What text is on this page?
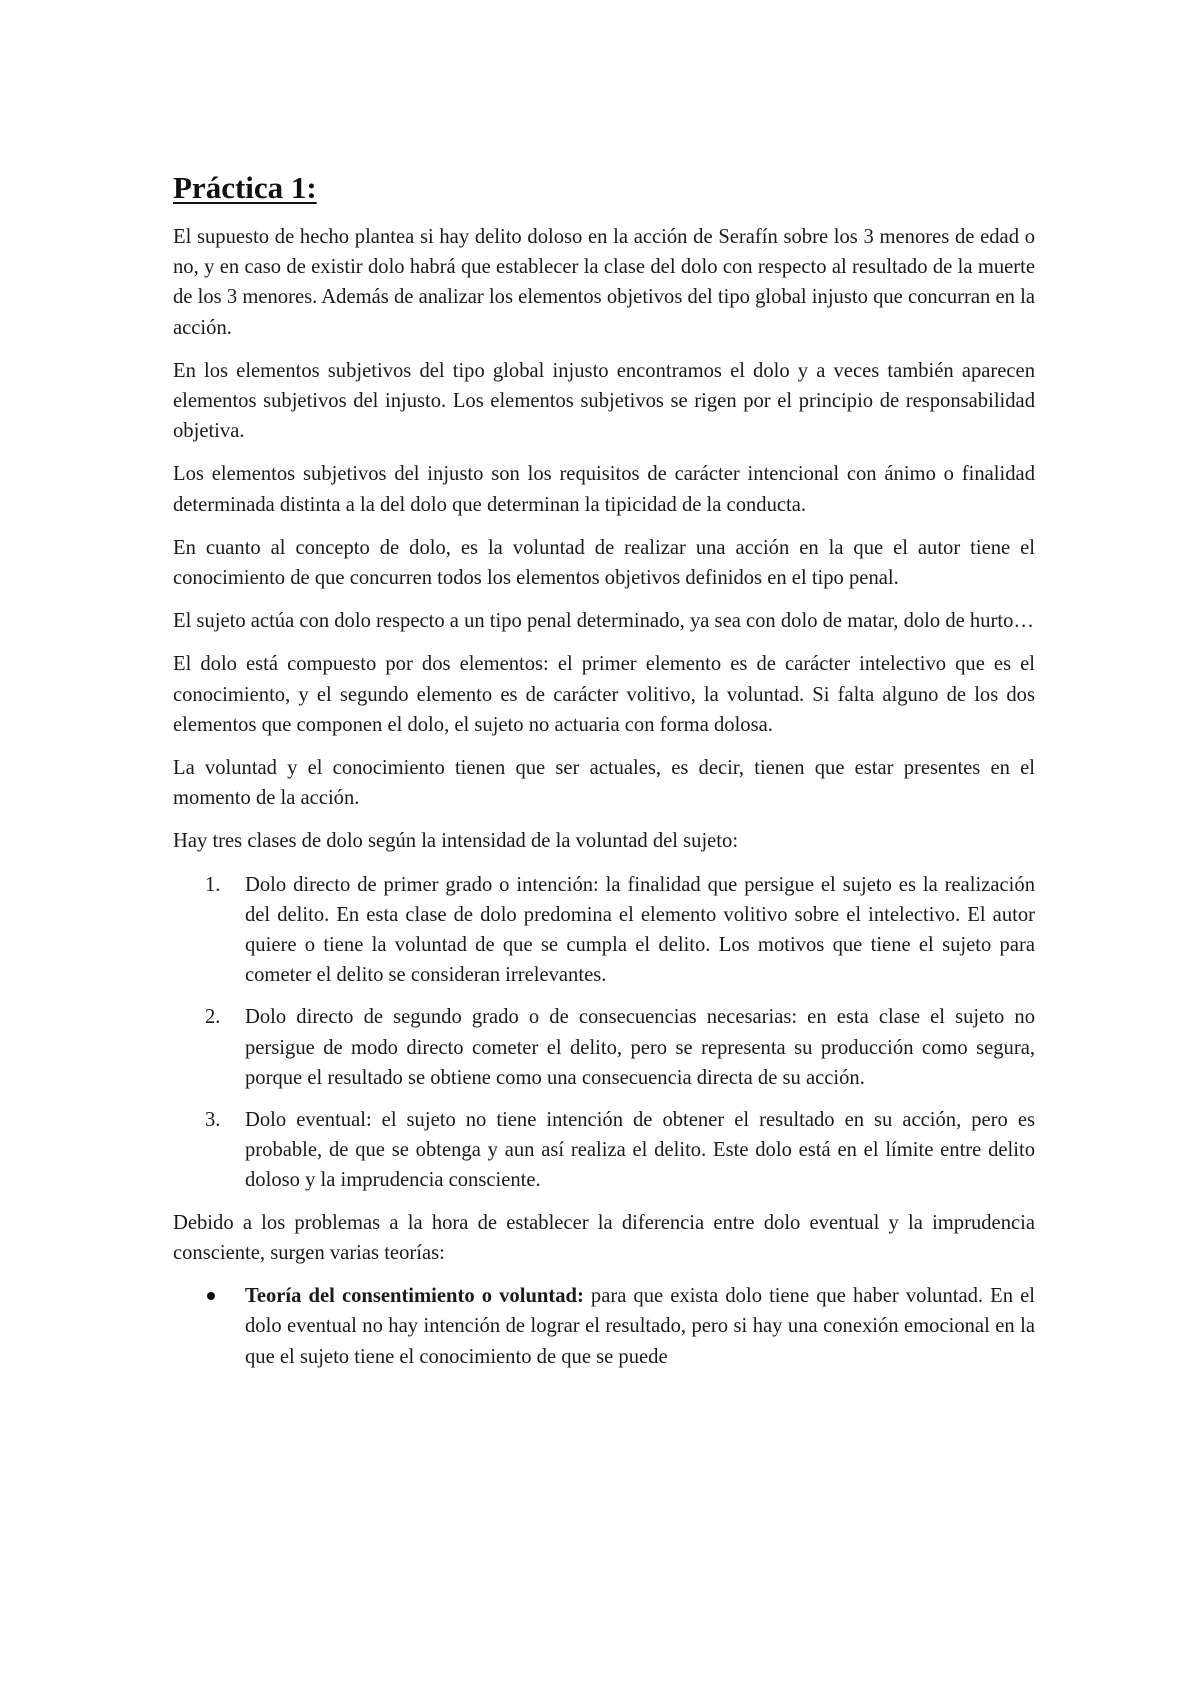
Práctica 1:

El supuesto de hecho plantea si hay delito doloso en la acción de Serafín sobre los 3 menores de edad o no, y en caso de existir dolo habrá que establecer la clase del dolo con respecto al resultado de la muerte de los 3 menores. Además de analizar los elementos objetivos del tipo global injusto que concurran en la acción.

En los elementos subjetivos del tipo global injusto encontramos el dolo y a veces también aparecen elementos subjetivos del injusto. Los elementos subjetivos se rigen por el principio de responsabilidad objetiva.

Los elementos subjetivos del injusto son los requisitos de carácter intencional con ánimo o finalidad determinada distinta a la del dolo que determinan la tipicidad de la conducta.

En cuanto al concepto de dolo, es la voluntad de realizar una acción en la que el autor tiene el conocimiento de que concurren todos los elementos objetivos definidos en el tipo penal.

El sujeto actúa con dolo respecto a un tipo penal determinado, ya sea con dolo de matar, dolo de hurto…

El dolo está compuesto por dos elementos: el primer elemento es de carácter intelectivo que es el conocimiento, y el segundo elemento es de carácter volitivo, la voluntad. Si falta alguno de los dos elementos que componen el dolo, el sujeto no actuaria con forma dolosa.

La voluntad y el conocimiento tienen que ser actuales, es decir, tienen que estar presentes en el momento de la acción.

Hay tres clases de dolo según la intensidad de la voluntad del sujeto:

1. Dolo directo de primer grado o intención: la finalidad que persigue el sujeto es la realización del delito. En esta clase de dolo predomina el elemento volitivo sobre el intelectivo. El autor quiere o tiene la voluntad de que se cumpla el delito. Los motivos que tiene el sujeto para cometer el delito se consideran irrelevantes.
2. Dolo directo de segundo grado o de consecuencias necesarias: en esta clase el sujeto no persigue de modo directo cometer el delito, pero se representa su producción como segura, porque el resultado se obtiene como una consecuencia directa de su acción.
3. Dolo eventual: el sujeto no tiene intención de obtener el resultado en su acción, pero es probable, de que se obtenga y aun así realiza el delito. Este dolo está en el límite entre delito doloso y la imprudencia consciente.

Debido a los problemas a la hora de establecer la diferencia entre dolo eventual y la imprudencia consciente, surgen varias teorías:

Teoría del consentimiento o voluntad: para que exista dolo tiene que haber voluntad. En el dolo eventual no hay intención de lograr el resultado, pero si hay una conexión emocional en la que el sujeto tiene el conocimiento de que se puede
